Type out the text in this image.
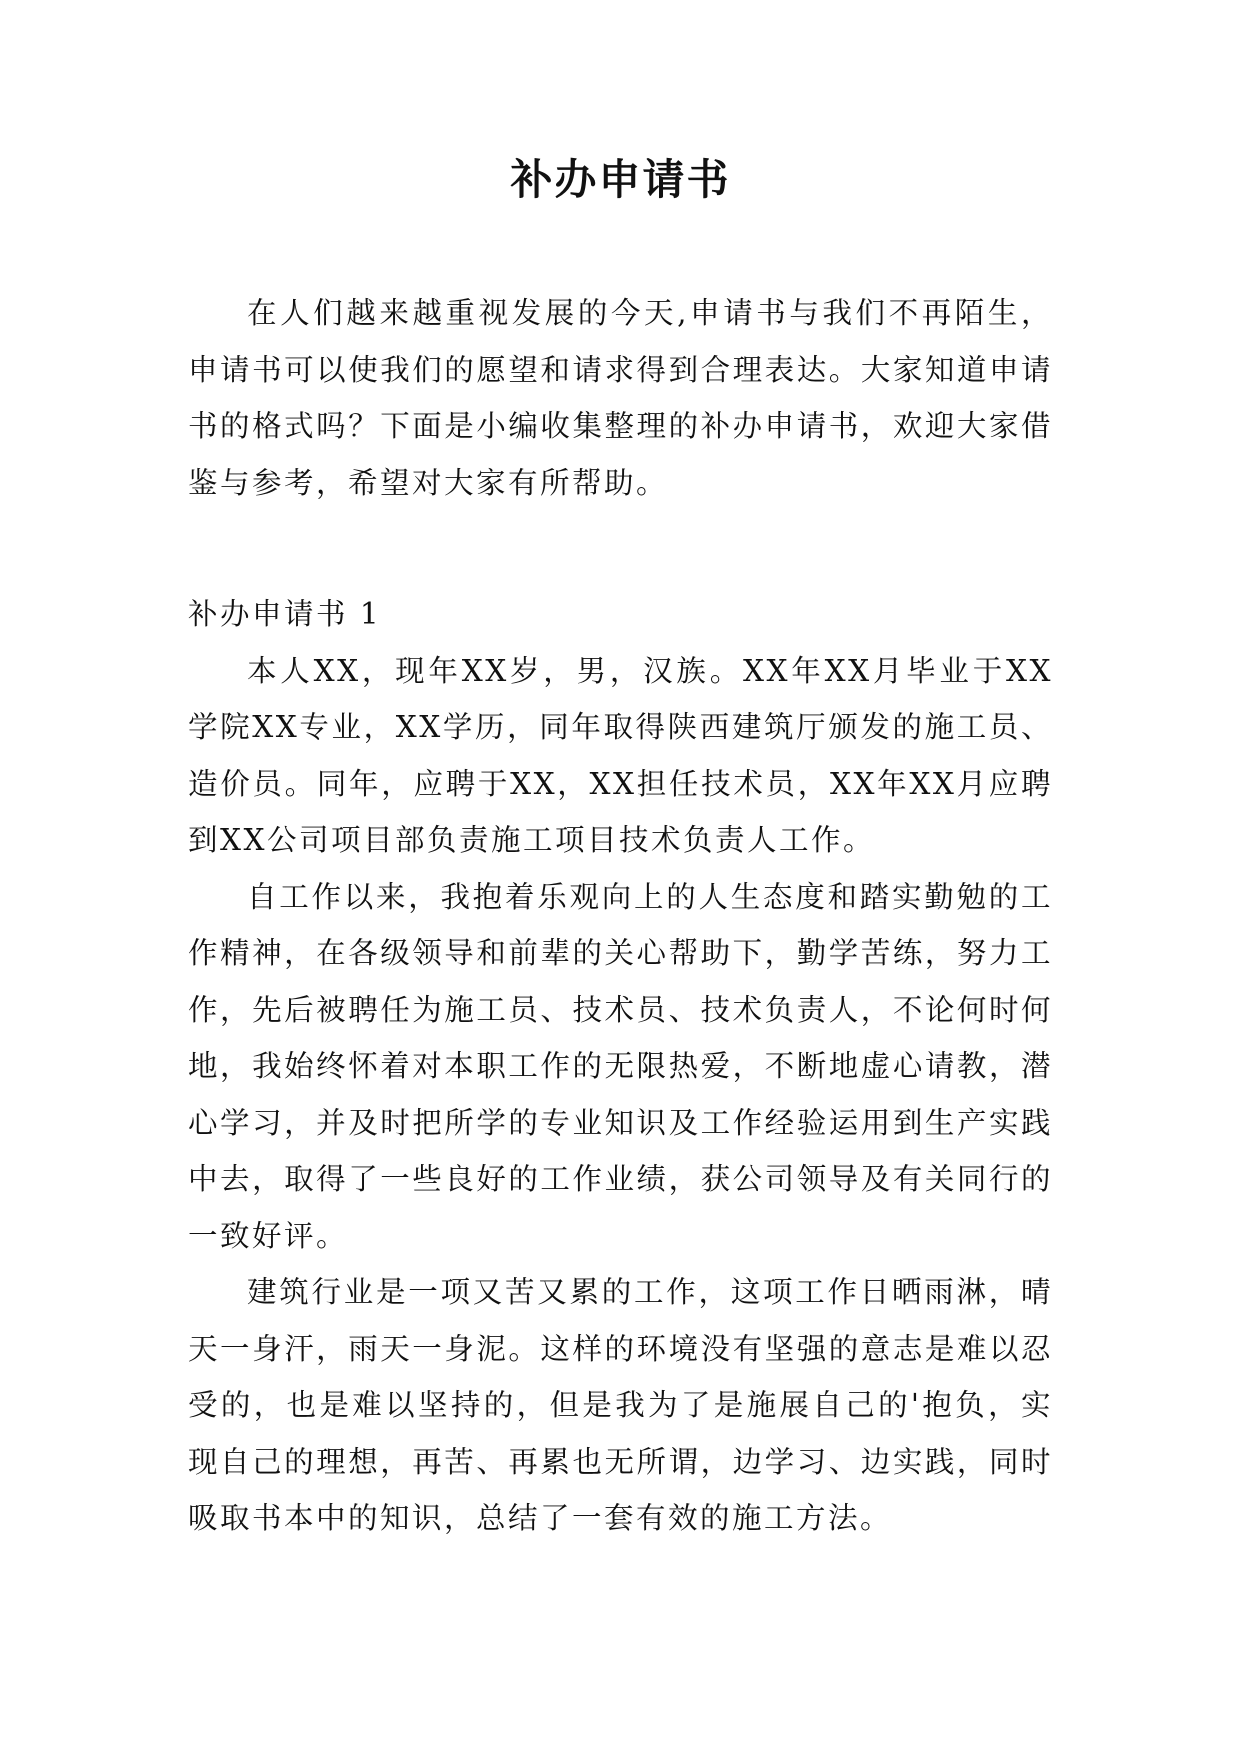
补办申请书

在人们越来越重视发展的今天,申请书与我们不再陌生，申请书可以使我们的愿望和请求得到合理表达。大家知道申请书的格式吗？下面是小编收集整理的补办申请书，欢迎大家借鉴与参考，希望对大家有所帮助。

补办申请书 1

本人XX，现年XX岁，男，汉族。XX年XX月毕业于XX学院XX专业，XX学历，同年取得陕西建筑厅颁发的施工员、造价员。同年，应聘于XX，XX担任技术员，XX年XX月应聘到XX公司项目部负责施工项目技术负责人工作。

自工作以来，我抱着乐观向上的人生态度和踏实勤勉的工作精神，在各级领导和前辈的关心帮助下，勤学苦练，努力工作，先后被聘任为施工员、技术员、技术负责人，不论何时何地，我始终怀着对本职工作的无限热爱，不断地虚心请教，潜心学习，并及时把所学的专业知识及工作经验运用到生产实践中去，取得了一些良好的工作业绩，获公司领导及有关同行的一致好评。

建筑行业是一项又苦又累的工作，这项工作日晒雨淋，晴天一身汗，雨天一身泥。这样的环境没有坚强的意志是难以忍受的，也是难以坚持的，但是我为了是施展自己的'抱负，实现自己的理想，再苦、再累也无所谓，边学习、边实践，同时吸取书本中的知识，总结了一套有效的施工方法。
